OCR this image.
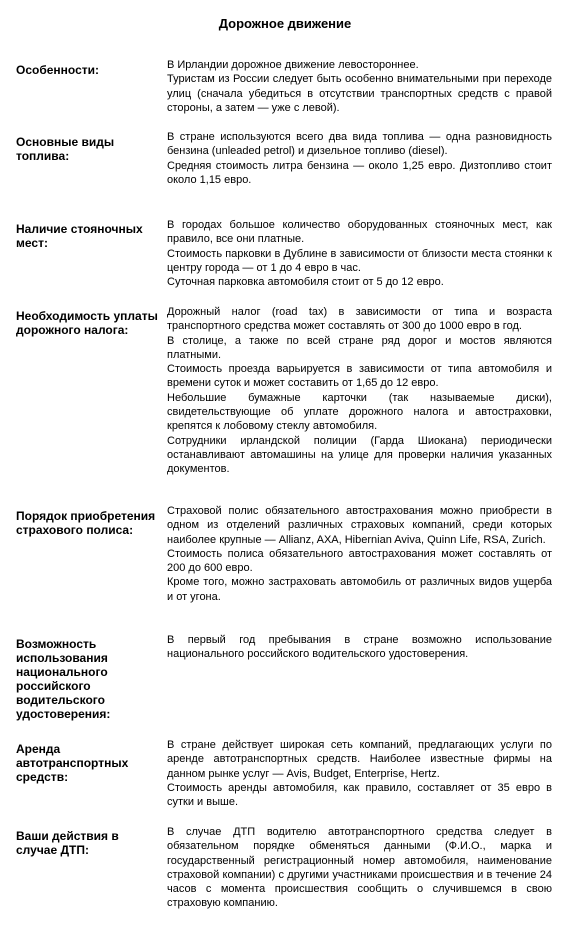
Дорожное движение
Особенности:	В Ирландии дорожное движение левостороннее.

Туристам из России следует быть особенно внимательными при переходе улиц (сначала убедиться в отсутствии транспортных средств с правой стороны, а затем — уже с левой).

Основные виды топлива:

В стране используются всего два вида топлива — одна разновидность бензина (unleaded petrol) и дизельное топливо (diesel).

Средняя стоимость литра бензина — около 1,25 евро. Дизтопливо стоит около 1,15 евро.

Наличие стояночных мест:

В городах большое количество оборудованных стояночных мест, как правило, все они платные.

Стоимость парковки в Дублине в зависимости от близости места стоянки к центру города — от 1 до 4 евро в час.

Суточная парковка автомобиля стоит от 5 до 12 евро.

Необходимость уплаты дорожного налога:

Дорожный налог (road tax) в зависимости от типа и возраста транспортного средства может составлять от 300 до 1000 евро в год.

В столице, а также по всей стране ряд дорог и мостов являются платными.

Стоимость проезда варьируется в зависимости от типа автомобиля и времени суток и может составить от 1,65 до 12 евро.

Небольшие бумажные карточки (так называемые диски), свидетельствующие об уплате дорожного налога и автостраховки, крепятся к лобовому стеклу автомобиля.

Сотрудники ирландской полиции (Гарда Шиокана) периодически останавливают автомашины на улице для проверки наличия указанных документов.

Порядок приобретения страхового полиса:

Страховой полис обязательного автострахования можно приобрести в одном из отделений различных страховых компаний, среди которых наиболее крупные — Allianz, AXA, Hibernian Aviva, Quinn Life, RSA, Zurich.

Стоимость полиса обязательного автострахования может составлять от 200 до 600 евро.

Кроме того, можно застраховать автомобиль от различных видов ущерба и от угона.

Возможность использования национального российского водительского удостоверения:

В первый год пребывания в стране возможно использование национального российского водительского удостоверения.

Аренда автотранспортных средств:

В стране действует широкая сеть компаний, предлагающих услуги по аренде автотранспортных средств. Наиболее известные фирмы на данном рынке услуг — Avis, Budget, Enterprise, Hertz.

Стоимость аренды автомобиля, как правило, составляет от 35 евро в сутки и выше.

Ваши действия в случае ДТП:

В случае ДТП водителю автотранспортного средства следует в обязательном порядке обменяться данными (Ф.И.О., марка и государственный регистрационный номер автомобиля, наименование страховой компании) с другими участниками происшествия и в течение 24 часов с момента происшествия сообщить о случившемся в свою страховую компанию.
